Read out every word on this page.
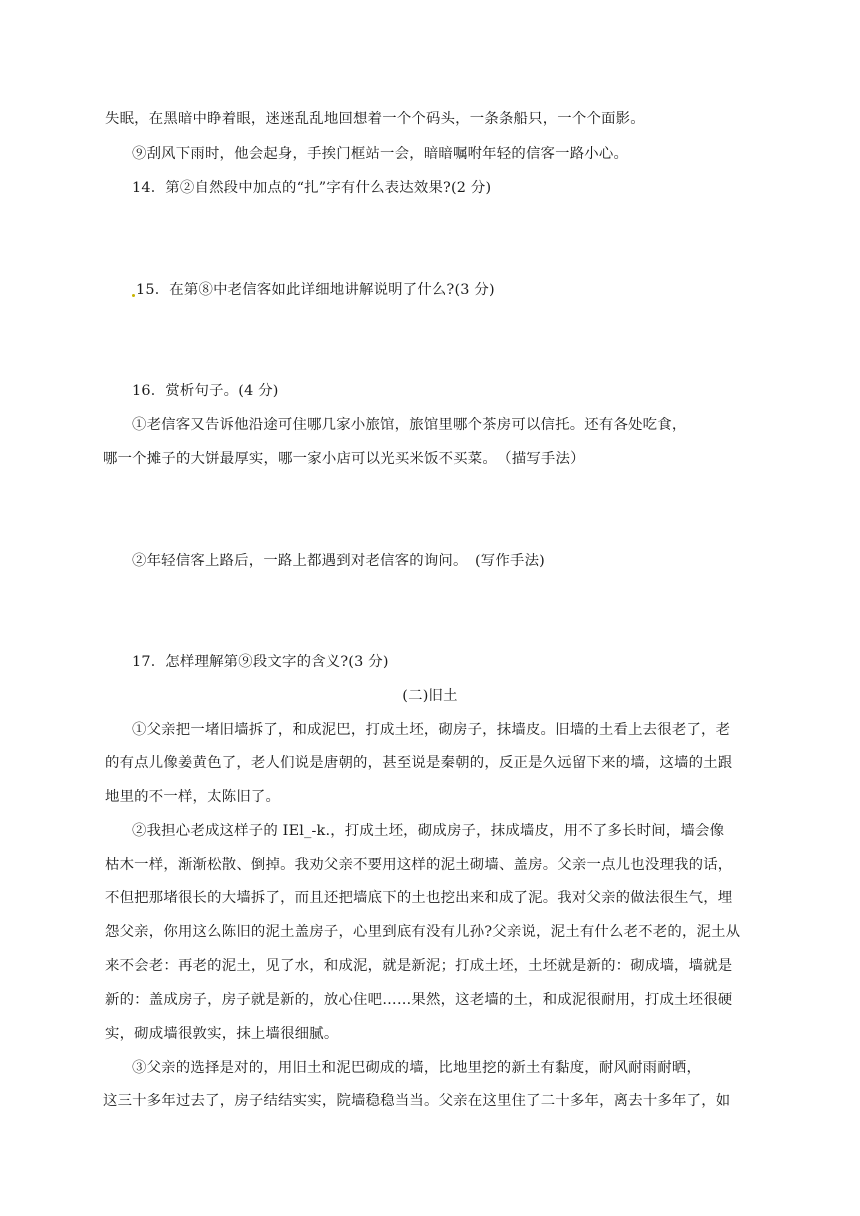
失眠，在黑暗中睁着眼，迷迷乱乱地回想着一个个码头，一条条船只，一个个面影。
⑨刮风下雨时，他会起身，手挨门框站一会，暗暗嘱咐年轻的信客一路小心。
14．第②自然段中加点的“扎”字有什么表达效果?(2 分)
15．在第⑧中老信客如此详细地讲解说明了什么?(3 分)
16．赏析句子。(4 分)
①老信客又告诉他沿途可住哪几家小旅馆，旅馆里哪个茶房可以信托。还有各处吃食，
哪一个摊子的大饼最厚实，哪一家小店可以光买米饭不买菜。　（描写手法）
②年轻信客上路后，一路上都遇到对老信客的询问。　(写作手法)
17．怎样理解第⑨段文字的含义?(3 分)
(二)旧土
①父亲把一堵旧墙拆了，和成泥巴，打成土坯，砌房子，抹墙皮。旧墙的土看上去很老了，老
的有点儿像姜黄色了，老人们说是唐朝的，甚至说是秦朝的，反正是久远留下来的墙，这墙的土跟
地里的不一样，太陈旧了。
②我担心老成这样子的 IEl_-k.，打成土坯，砌成房子，抹成墙皮，用不了多长时间，墙会像
枯木一样，渐渐松散、倒掉。我劝父亲不要用这样的泥土砌墙、盖房。父亲一点儿也没理我的话，
不但把那堵很长的大墙拆了，而且还把墙底下的土也挖出来和成了泥。我对父亲的做法很生气，埋
怨父亲，你用这么陈旧的泥土盖房子，心里到底有没有儿孙?父亲说，泥土有什么老不老的，泥土从
来不会老：再老的泥土，见了水，和成泥，就是新泥；打成土坯，土坯就是新的：砌成墙，墙就是
新的：盖成房子，房子就是新的，放心住吧……果然，这老墙的土，和成泥很耐用，打成土坯很硬
实，砌成墙很敦实，抹上墙很细腻。
③父亲的选择是对的，用旧土和泥巴砌成的墙，比地里挖的新土有黏度，耐风耐雨耐晒，
这三十多年过去了，房子结结实实，院墙稳稳当当。父亲在这里住了二十多年，离去十多年了，如
